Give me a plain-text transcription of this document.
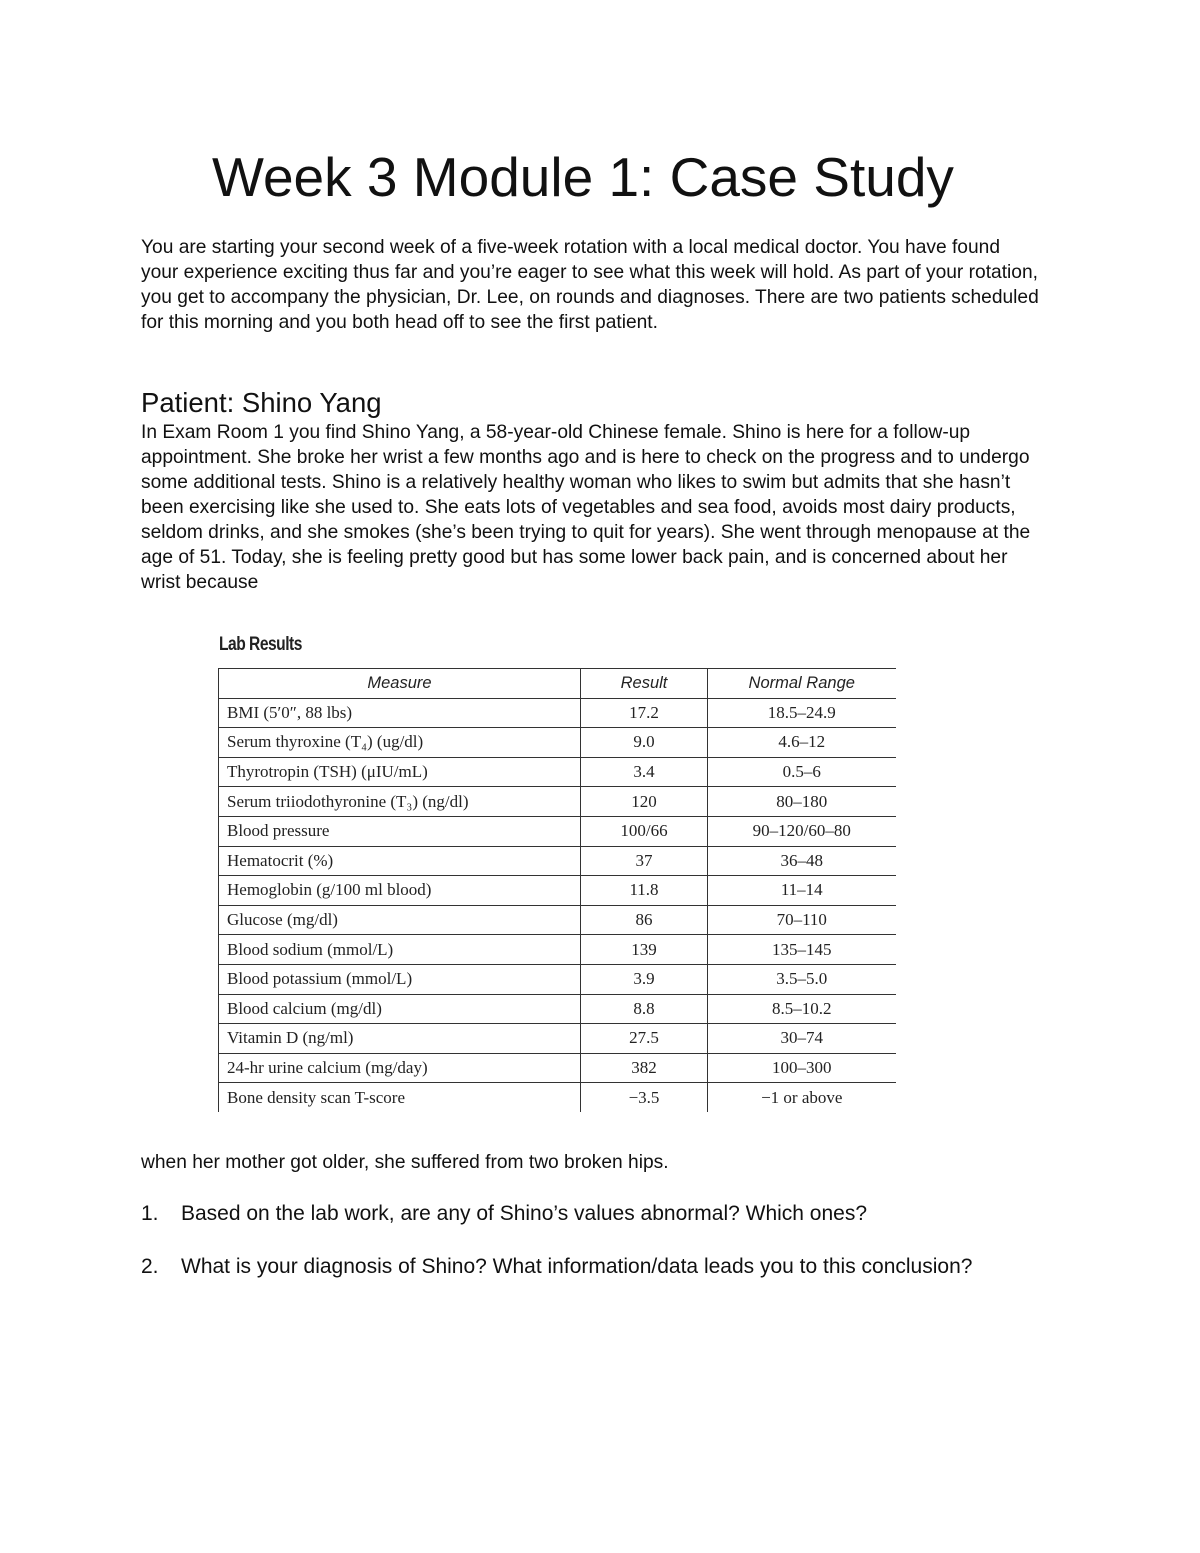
Week 3 Module 1: Case Study

You are starting your second week of a five-week rotation with a local medical doctor. You have found your experience exciting thus far and you’re eager to see what this week will hold. As part of your rotation, you get to accompany the physician, Dr. Lee, on rounds and diagnoses. There are two patients scheduled for this morning and you both head off to see the first patient.

Patient: Shino Yang

In Exam Room 1 you find Shino Yang, a 58-year-old Chinese female. Shino is here for a follow-up appointment. She broke her wrist a few months ago and is here to check on the progress and to undergo some additional tests. Shino is a relatively healthy woman who likes to swim but admits that she hasn’t been exercising like she used to. She eats lots of vegetables and sea food, avoids most dairy products, seldom drinks, and she smokes (she’s been trying to quit for years). She went through menopause at the age of 51. Today, she is feeling pretty good but has some lower back pain, and is concerned about her wrist because

Lab Results
Measure	Result	Normal Range
BMI (5′0″, 88 lbs)	17.2	18.5–24.9
Serum thyroxine (T₄) (ug/dl)	9.0	4.6–12
Thyrotropin (TSH) (μIU/mL)	3.4	0.5–6
Serum triiodothyronine (T₃) (ng/dl)	120	80–180
Blood pressure	100/66	90–120/60–80
Hematocrit (%)	37	36–48
Hemoglobin (g/100 ml blood)	11.8	11–14
Glucose (mg/dl)	86	70–110
Blood sodium (mmol/L)	139	135–145
Blood potassium (mmol/L)	3.9	3.5–5.0
Blood calcium (mg/dl)	8.8	8.5–10.2
Vitamin D (ng/ml)	27.5	30–74
24-hr urine calcium (mg/day)	382	100–300
Bone density scan T-score	−3.5	−1 or above

when her mother got older, she suffered from two broken hips.

1. Based on the lab work, are any of Shino’s values abnormal? Which ones?
2. What is your diagnosis of Shino? What information/data leads you to this conclusion?
